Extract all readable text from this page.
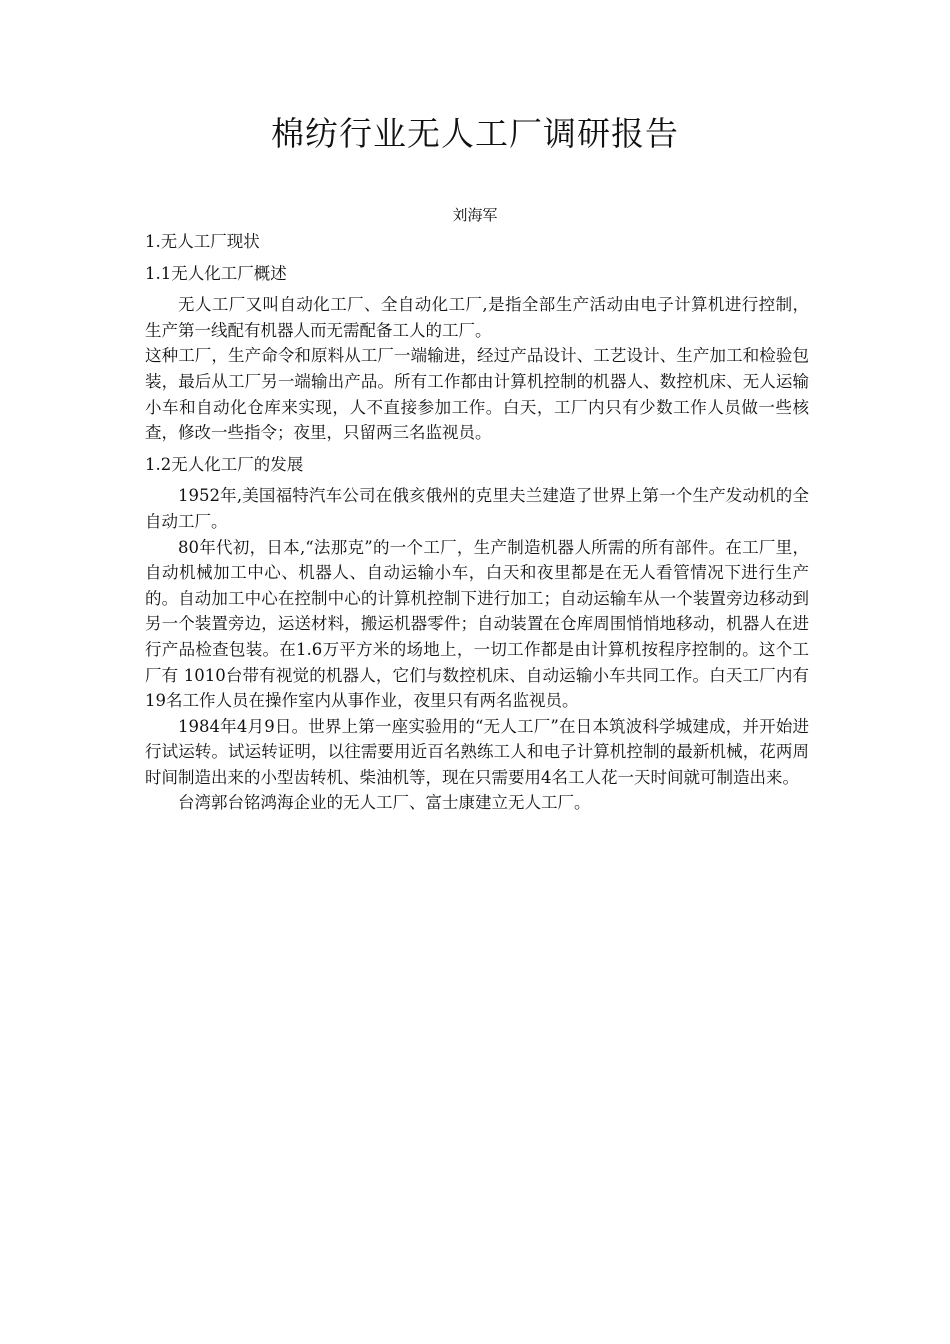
棉纺行业无人工厂调研报告

刘海军

1.无人工厂现状

1.1无人化工厂概述

无人工厂又叫自动化工厂、全自动化工厂,是指全部生产活动由电子计算机进行控制，生产第一线配有机器人而无需配备工人的工厂。

这种工厂，生产命令和原料从工厂一端输进，经过产品设计、工艺设计、生产加工和检验包装，最后从工厂另一端输出产品。所有工作都由计算机控制的机器人、数控机床、无人运输小车和自动化仓库来实现，人不直接参加工作。白天，工厂内只有少数工作人员做一些核查，修改一些指令；夜里，只留两三名监视员。

1.2无人化工厂的发展

1952年,美国福特汽车公司在俄亥俄州的克里夫兰建造了世界上第一个生产发动机的全自动工厂。

80年代初，日本,“法那克”的一个工厂，生产制造机器人所需的所有部件。在工厂里，自动机械加工中心、机器人、自动运输小车，白天和夜里都是在无人看管情况下进行生产的。自动加工中心在控制中心的计算机控制下进行加工；自动运输车从一个装置旁边移动到另一个装置旁边，运送材料，搬运机器零件；自动装置在仓库周围悄悄地移动，机器人在进行产品检查包装。在1.6万平方米的场地上，一切工作都是由计算机按程序控制的。这个工厂有 1010台带有视觉的机器人，它们与数控机床、自动运输小车共同工作。白天工厂内有19名工作人员在操作室内从事作业，夜里只有两名监视员。

1984年4月9日。世界上第一座实验用的“无人工厂”在日本筑波科学城建成，并开始进行试运转。试运转证明，以往需要用近百名熟练工人和电子计算机控制的最新机械，花两周时间制造出来的小型齿转机、柴油机等，现在只需要用4名工人花一天时间就可制造出来。

台湾郭台铭鸿海企业的无人工厂、富士康建立无人工厂。
